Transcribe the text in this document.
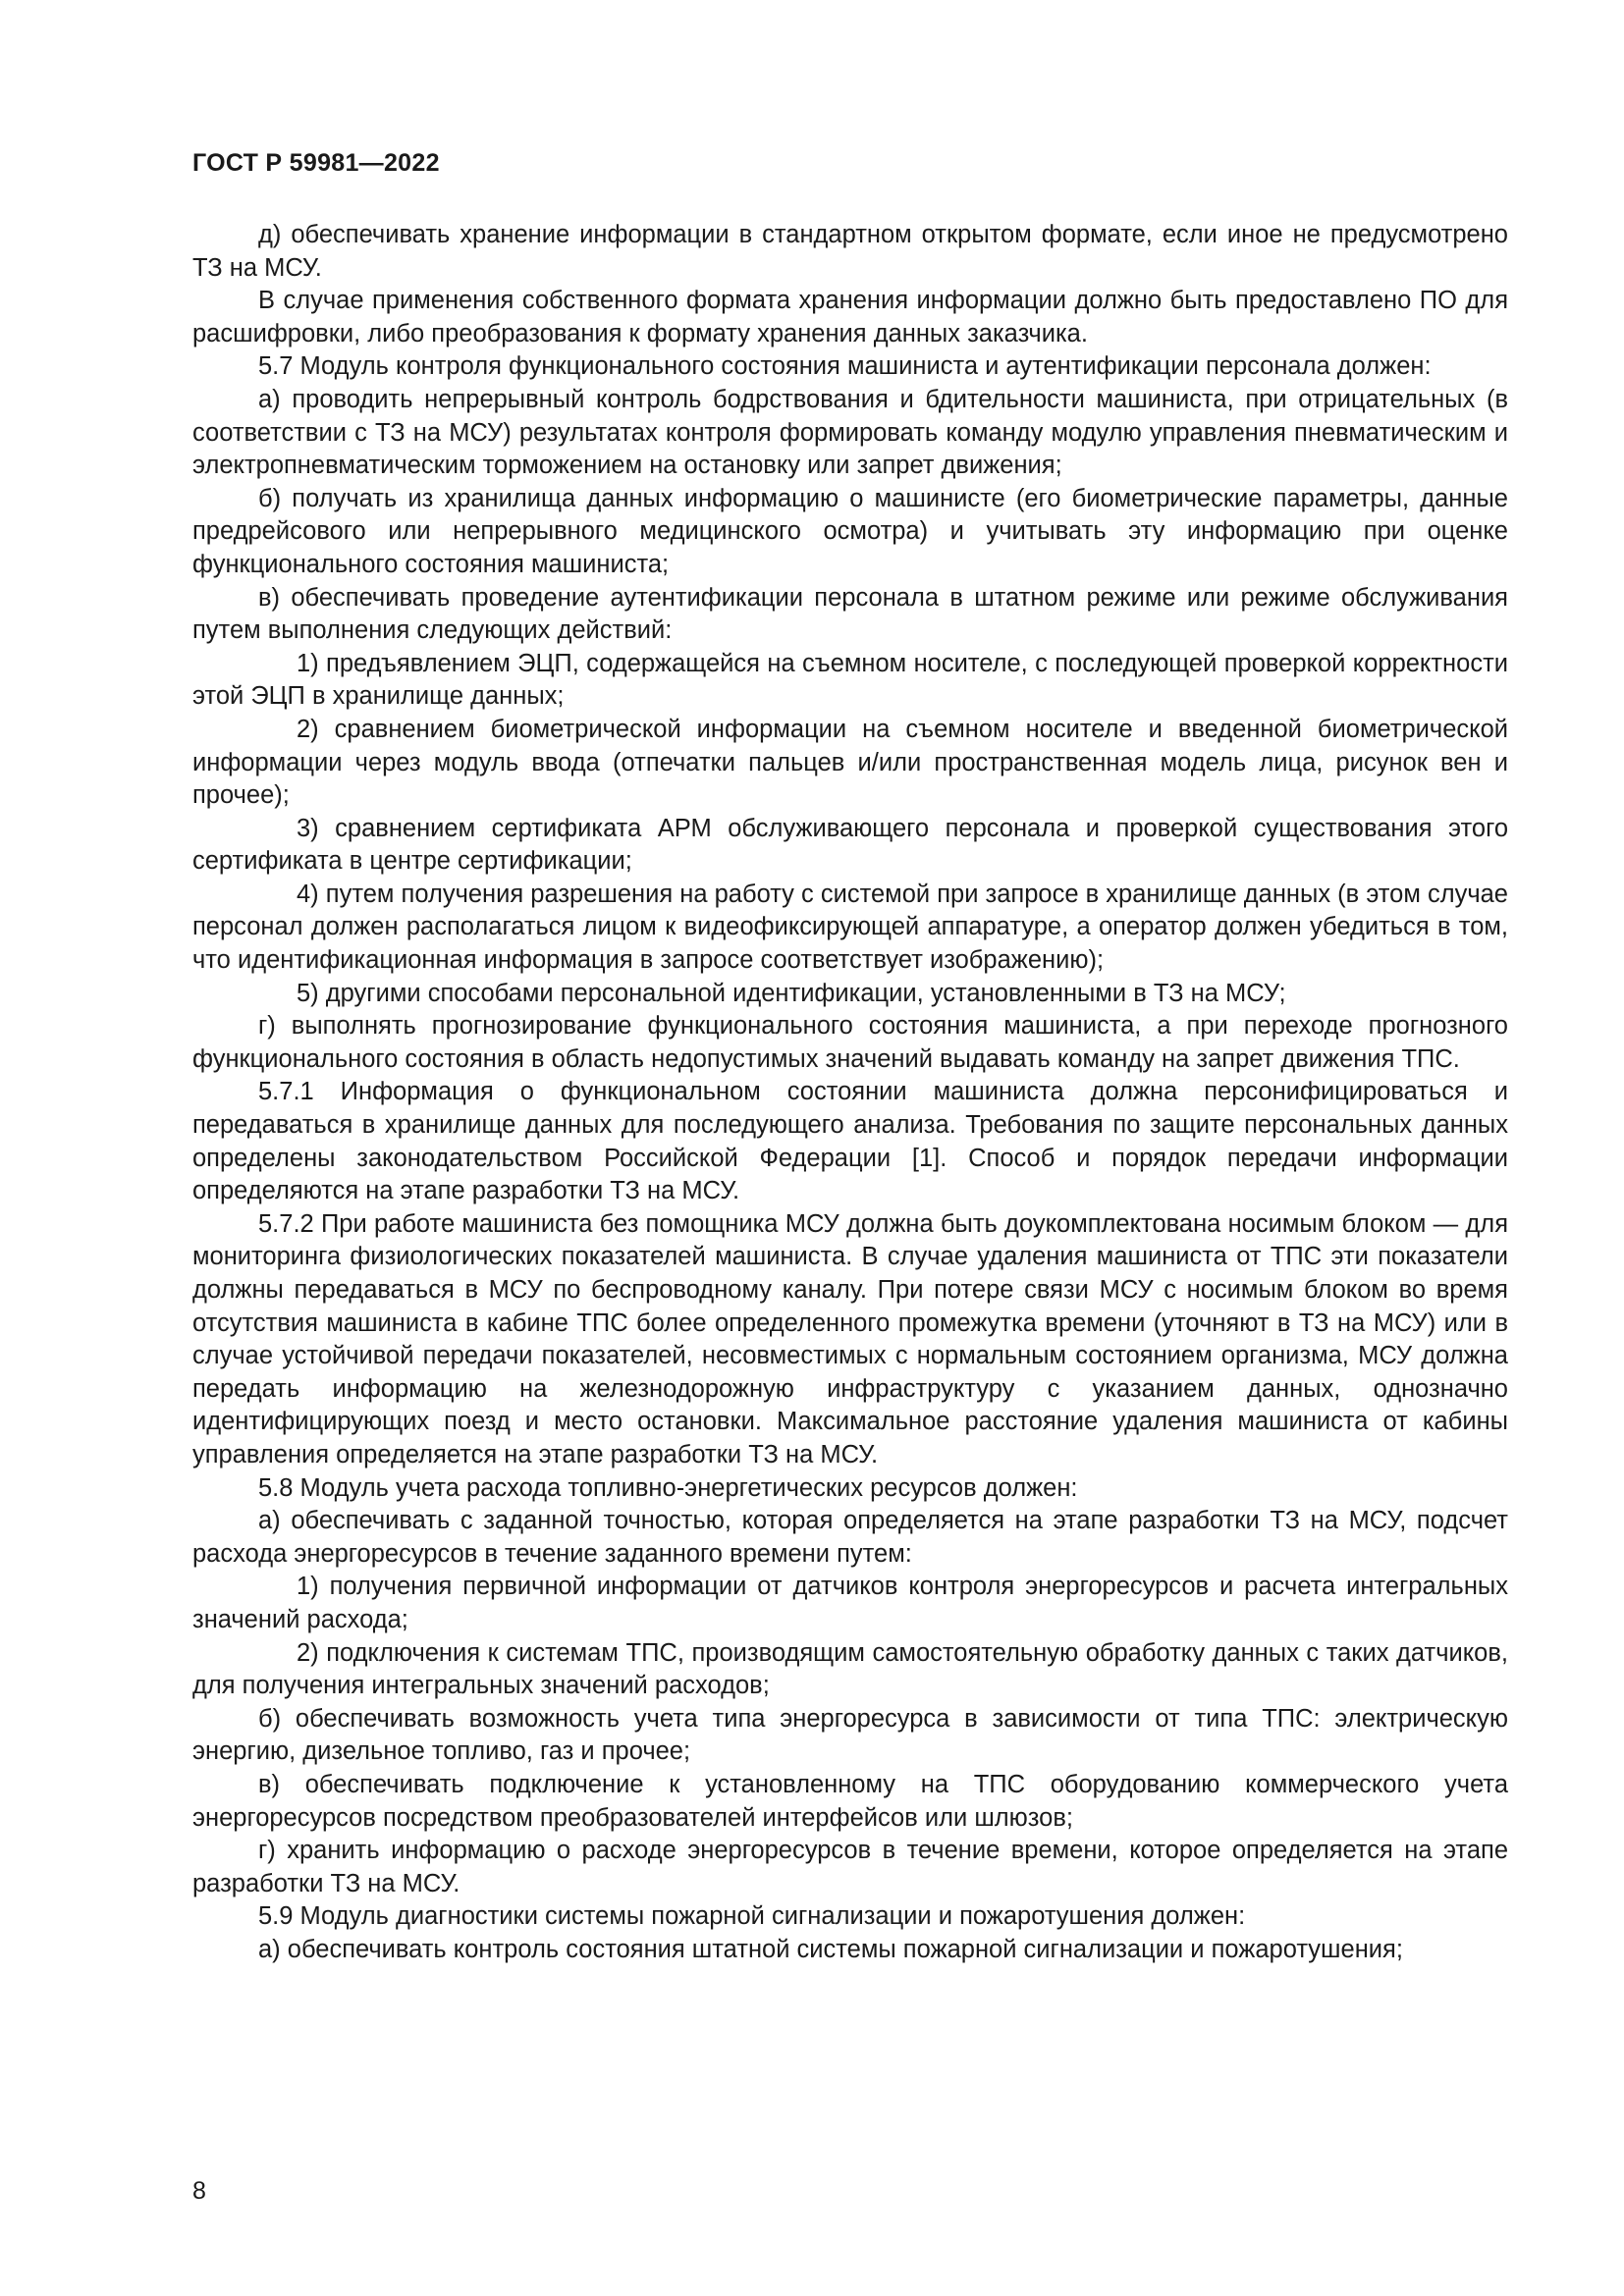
ГОСТ Р 59981—2022

д) обеспечивать хранение информации в стандартном открытом формате, если иное не предусмотрено ТЗ на МСУ.

В случае применения собственного формата хранения информации должно быть предоставлено ПО для расшифровки, либо преобразования к формату хранения данных заказчика.

5.7 Модуль контроля функционального состояния машиниста и аутентификации персонала должен:

а) проводить непрерывный контроль бодрствования и бдительности машиниста, при отрицательных (в соответствии с ТЗ на МСУ) результатах контроля формировать команду модулю управления пневматическим и электропневматическим торможением на остановку или запрет движения;

б) получать из хранилища данных информацию о машинисте (его биометрические параметры, данные предрейсового или непрерывного медицинского осмотра) и учитывать эту информацию при оценке функционального состояния машиниста;

в) обеспечивать проведение аутентификации персонала в штатном режиме или режиме обслуживания путем выполнения следующих действий:

1) предъявлением ЭЦП, содержащейся на съемном носителе, с последующей проверкой корректности этой ЭЦП в хранилище данных;

2) сравнением биометрической информации на съемном носителе и введенной биометрической информации через модуль ввода (отпечатки пальцев и/или пространственная модель лица, рисунок вен и прочее);

3) сравнением сертификата АРМ обслуживающего персонала и проверкой существования этого сертификата в центре сертификации;

4) путем получения разрешения на работу с системой при запросе в хранилище данных (в этом случае персонал должен располагаться лицом к видеофиксирующей аппаратуре, а оператор должен убедиться в том, что идентификационная информация в запросе соответствует изображению);

5) другими способами персональной идентификации, установленными в ТЗ на МСУ;

г) выполнять прогнозирование функционального состояния машиниста, а при переходе прогнозного функционального состояния в область недопустимых значений выдавать команду на запрет движения ТПС.

5.7.1 Информация о функциональном состоянии машиниста должна персонифицироваться и передаваться в хранилище данных для последующего анализа. Требования по защите персональных данных определены законодательством Российской Федерации [1]. Способ и порядок передачи информации определяются на этапе разработки ТЗ на МСУ.

5.7.2 При работе машиниста без помощника МСУ должна быть доукомплектована носимым блоком — для мониторинга физиологических показателей машиниста. В случае удаления машиниста от ТПС эти показатели должны передаваться в МСУ по беспроводному каналу. При потере связи МСУ с носимым блоком во время отсутствия машиниста в кабине ТПС более определенного промежутка времени (уточняют в ТЗ на МСУ) или в случае устойчивой передачи показателей, несовместимых с нормальным состоянием организма, МСУ должна передать информацию на железнодорожную инфраструктуру с указанием данных, однозначно идентифицирующих поезд и место остановки. Максимальное расстояние удаления машиниста от кабины управления определяется на этапе разработки ТЗ на МСУ.

5.8 Модуль учета расхода топливно-энергетических ресурсов должен:

а) обеспечивать с заданной точностью, которая определяется на этапе разработки ТЗ на МСУ, подсчет расхода энергоресурсов в течение заданного времени путем:

1) получения первичной информации от датчиков контроля энергоресурсов и расчета интегральных значений расхода;

2) подключения к системам ТПС, производящим самостоятельную обработку данных с таких датчиков, для получения интегральных значений расходов;

б) обеспечивать возможность учета типа энергоресурса в зависимости от типа ТПС: электрическую энергию, дизельное топливо, газ и прочее;

в) обеспечивать подключение к установленному на ТПС оборудованию коммерческого учета энергоресурсов посредством преобразователей интерфейсов или шлюзов;

г) хранить информацию о расходе энергоресурсов в течение времени, которое определяется на этапе разработки ТЗ на МСУ.

5.9 Модуль диагностики системы пожарной сигнализации и пожаротушения должен:

а) обеспечивать контроль состояния штатной системы пожарной сигнализации и пожаротушения;

8
